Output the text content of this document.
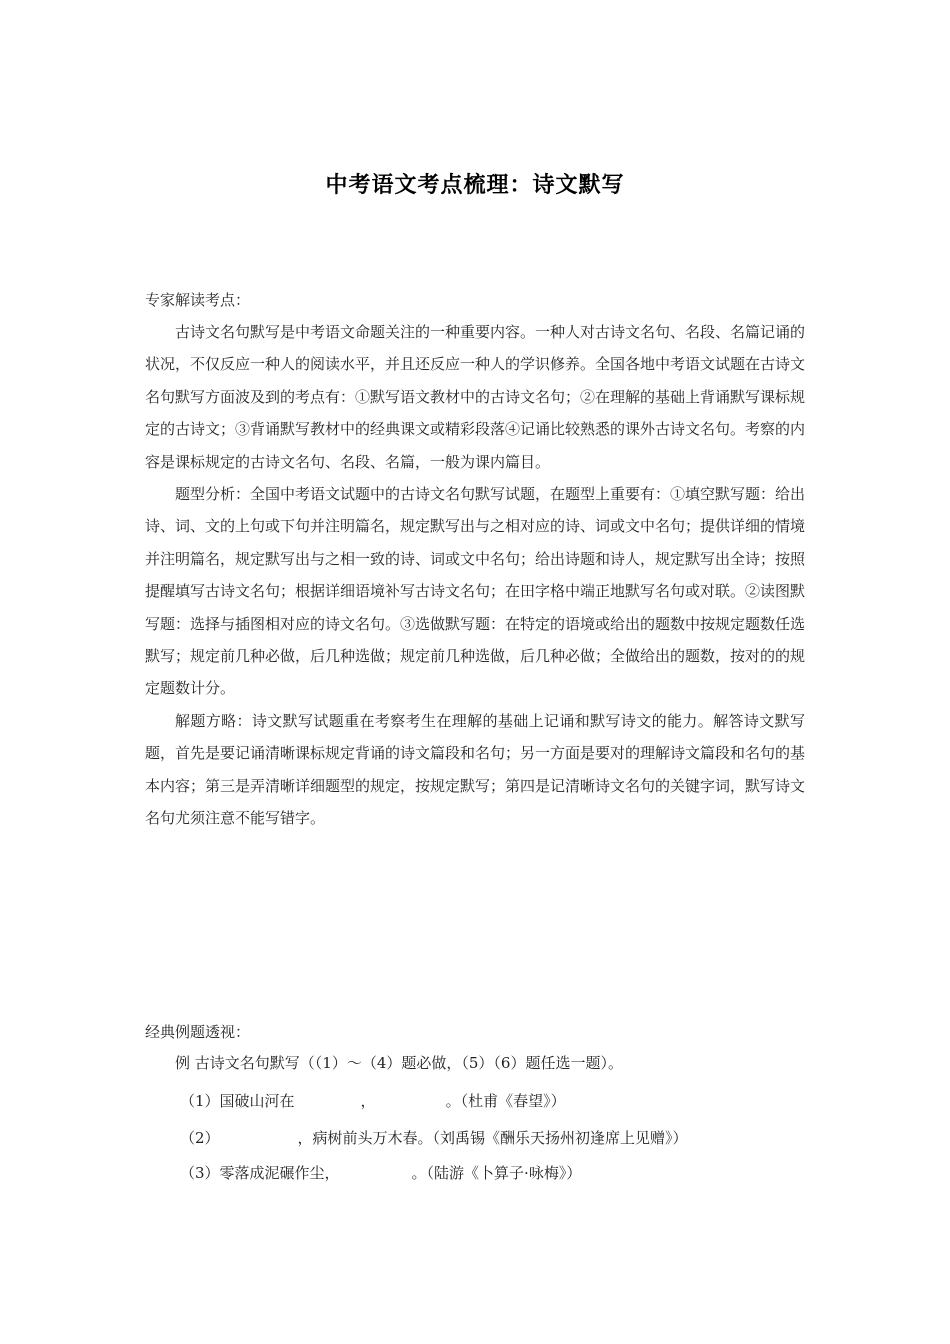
中考语文考点梳理：诗文默写
专家解读考点：

古诗文名句默写是中考语文命题关注的一种重要内容。一种人对古诗文名句、名段、名篇记诵的状况，不仅反应一种人的阅读水平，并且还反应一种人的学识修养。全国各地中考语文试题在古诗文名句默写方面波及到的考点有：①默写语文教材中的古诗文名句；②在理解的基础上背诵默写课标规定的古诗文；③背诵默写教材中的经典课文或精彩段落④记诵比较熟悉的课外古诗文名句。考察的内容是课标规定的古诗文名句、名段、名篇，一般为课内篇目。

题型分析：全国中考语文试题中的古诗文名句默写试题，在题型上重要有：①填空默写题：给出诗、词、文的上句或下句并注明篇名，规定默写出与之相对应的诗、词或文中名句；提供详细的情境并注明篇名，规定默写出与之相一致的诗、词或文中名句；给出诗题和诗人，规定默写出全诗；按照提醒填写古诗文名句；根据详细语境补写古诗文名句；在田字格中端正地默写名句或对联。②读图默写题：选择与插图相对应的诗文名句。③选做默写题：在特定的语境或给出的题数中按规定题数任选默写；规定前几种必做，后几种选做；规定前几种选做，后几种必做；全做给出的题数，按对的的规定题数计分。

解题方略：诗文默写试题重在考察考生在理解的基础上记诵和默写诗文的能力。解答诗文默写题，首先是要记诵清晰课标规定背诵的诗文篇段和名句；另一方面是要对的理解诗文篇段和名句的基本内容；第三是弄清晰详细题型的规定，按规定默写；第四是记清晰诗文名句的关键字词，默写诗文名句尤须注意不能写错字。

经典例题透视：
例 古诗文名句默写（（1）～（4）题必做，（5）（6）题任选一题）。
（1）国破山河在	，	。（杜甫《春望》）
（2）	，病树前头万木春。（刘禹锡《酬乐天扬州初逢席上见赠》）
（3）零落成泥碾作尘，	。（陆游《卜算子·咏梅》）
